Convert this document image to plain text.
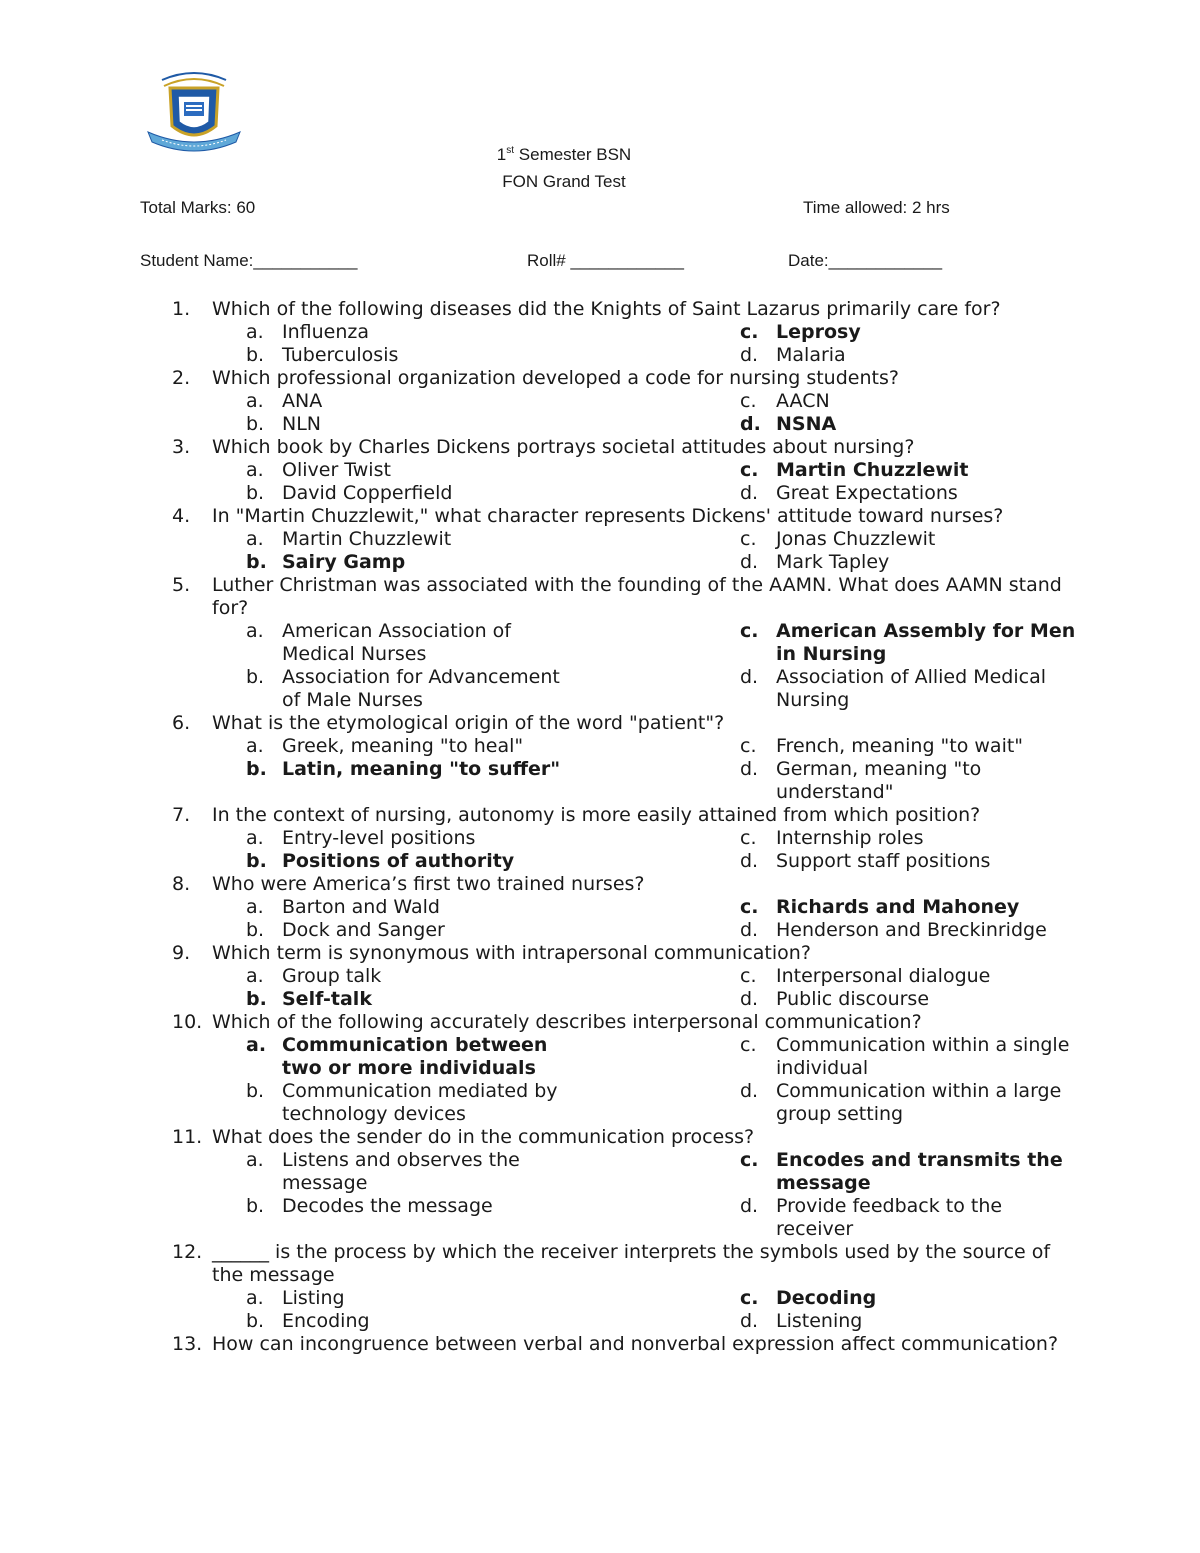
1st Semester BSN
FON Grand Test
Total Marks: 60	Time allowed: 2 hrs
Student Name:___________	Roll# ____________	Date:____________
1.	Which of the following diseases did the Knights of Saint Lazarus primarily care for?
a. Influenza	c. Leprosy
b. Tuberculosis	d. Malaria
2.	Which professional organization developed a code for nursing students?
a. ANA	c.	AACN
b. NLN	d. NSNA
3.	Which book by Charles Dickens portrays societal attitudes about nursing?
a. Oliver Twist	c. Martin Chuzzlewit
b. David Copperfield	d. Great Expectations
4.	In "Martin Chuzzlewit," what character represents Dickens' attitude toward nurses?
a. Martin Chuzzlewit	c.	Jonas Chuzzlewit
b. Sairy Gamp	d. Mark Tapley
5.	Luther Christman was associated with the founding of the AAMN. What does AAMN stand for?
a. American Association of Medical Nurses
c. American Assembly for Men in Nursing
b. Association for Advancement of Male Nurses
d. Association of Allied Medical Nursing
6.	What is the etymological origin of the word "patient"?
a. Greek, meaning "to heal"	c.	French, meaning "to wait"
b. Latin, meaning "to suffer"	d. German, meaning "to understand"
7.	In the context of nursing, autonomy is more easily attained from which position?
a. Entry-level positions	c.	Internship roles
b. Positions of authority	d. Support staff positions
8.	Who were America’s first two trained nurses?
a. Barton and Wald	c. Richards and Mahoney
b. Dock and Sanger	d. Henderson and Breckinridge
9.	Which term is synonymous with intrapersonal communication?
a. Group talk	c.	Interpersonal dialogue
b. Self-talk	d. Public discourse
10. Which of the following accurately describes interpersonal communication?
a. Communication between two or more individuals
c.	Communication within a single individual
b. Communication mediated by technology devices
d. Communication within a large group setting
11. What does the sender do in the communication process?
a. Listens and observes the message
c. Encodes and transmits the message
b. Decodes the message	d. Provide feedback to the receiver
12. ______ is the process by which the receiver interprets the symbols used by the source of the message
a. Listing	c. Decoding
b. Encoding	d. Listening
13. How can incongruence between verbal and nonverbal expression affect communication?
